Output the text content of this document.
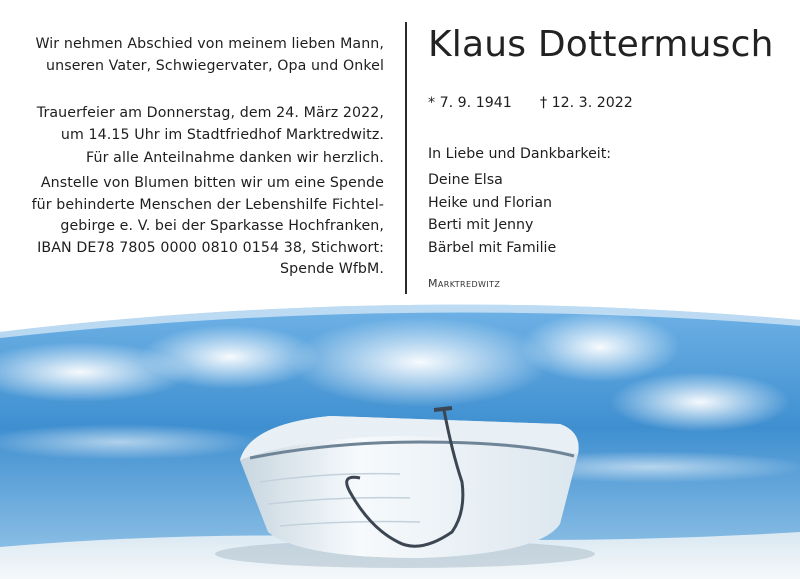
Wir nehmen Abschied von meinem lieben Mann,

unseren Vater, Schwiegervater, Opa und Onkel

Trauerfeier am Donnerstag, dem 24. März 2022,

um 14.15 Uhr im Stadtfriedhof Marktredwitz.

Für alle Anteilnahme danken wir herzlich.

Anstelle von Blumen bitten wir um eine Spende

für behinderte Menschen der Lebenshilfe Fichtel-

gebirge e. V. bei der Sparkasse Hochfranken,

IBAN DE78 7805 0000 0810 0154 38, Stichwort:

Spende WfbM.

Klaus Dottermusch
* 7. 9. 1941 † 12. 3. 2022
In Liebe und Dankbarkeit:
Deine Elsa
Heike und Florian
Berti mit Jenny
Bärbel mit Familie
Marktredwitz
